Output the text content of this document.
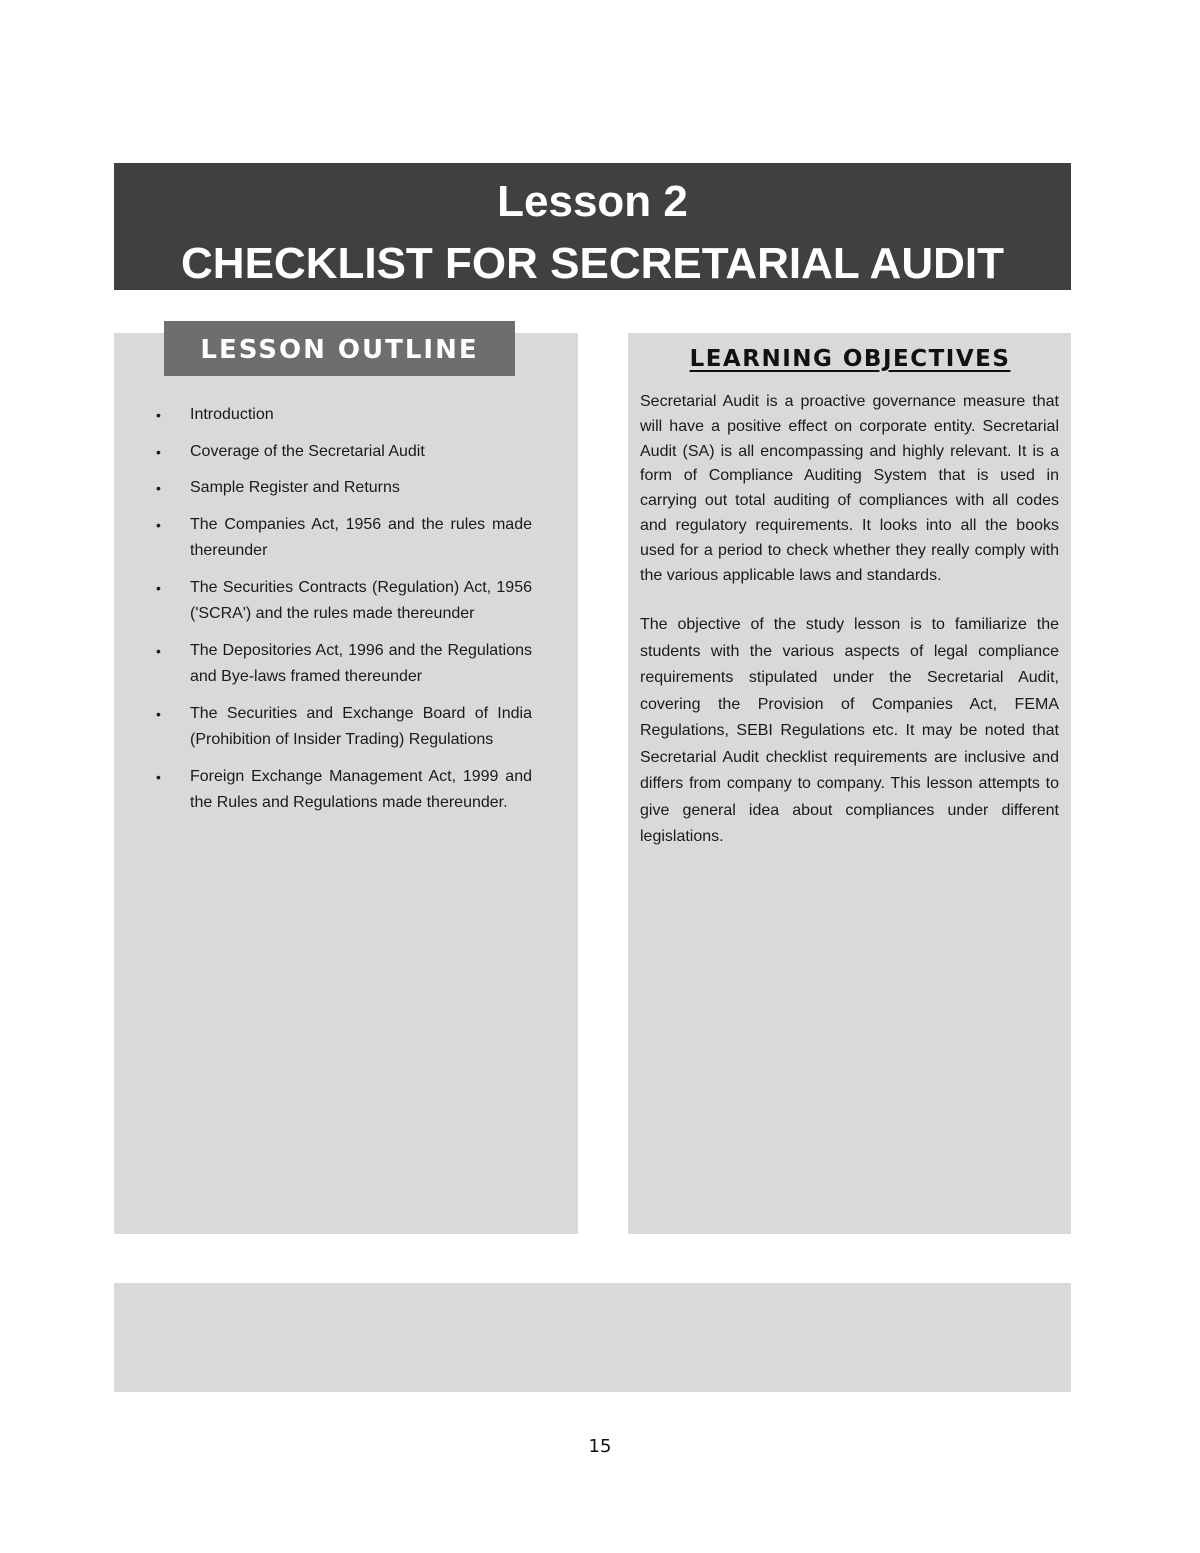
Lesson 2
CHECKLIST FOR SECRETARIAL AUDIT
LESSON OUTLINE
• Introduction
• Coverage of the Secretarial Audit
• Sample Register and Returns
• The Companies Act, 1956 and the rules made thereunder
• The Securities Contracts (Regulation) Act, 1956 ('SCRA') and the rules made thereunder
• The Depositories Act, 1996 and the Regulations and Bye-laws framed thereunder
• The Securities and Exchange Board of India (Prohibition of Insider Trading) Regulations
• Foreign Exchange Management Act, 1999 and the Rules and Regulations made thereunder.
LEARNING OBJECTIVES

Secretarial Audit is a proactive governance measure that will have a positive effect on corporate entity. Secretarial Audit (SA) is all encompassing and highly relevant. It is a form of Compliance Auditing System that is used in carrying out total auditing of compliances with all codes and regulatory requirements. It looks into all the books used for a period to check whether they really comply with the various applicable laws and standards.

The objective of the study lesson is to familiarize the students with the various aspects of legal compliance requirements stipulated under the Secretarial Audit, covering the Provision of Companies Act, FEMA Regulations, SEBI Regulations etc. It may be noted that Secretarial Audit checklist requirements are inclusive and differs from company to company. This lesson attempts to give general idea about compliances under different legislations.

15
